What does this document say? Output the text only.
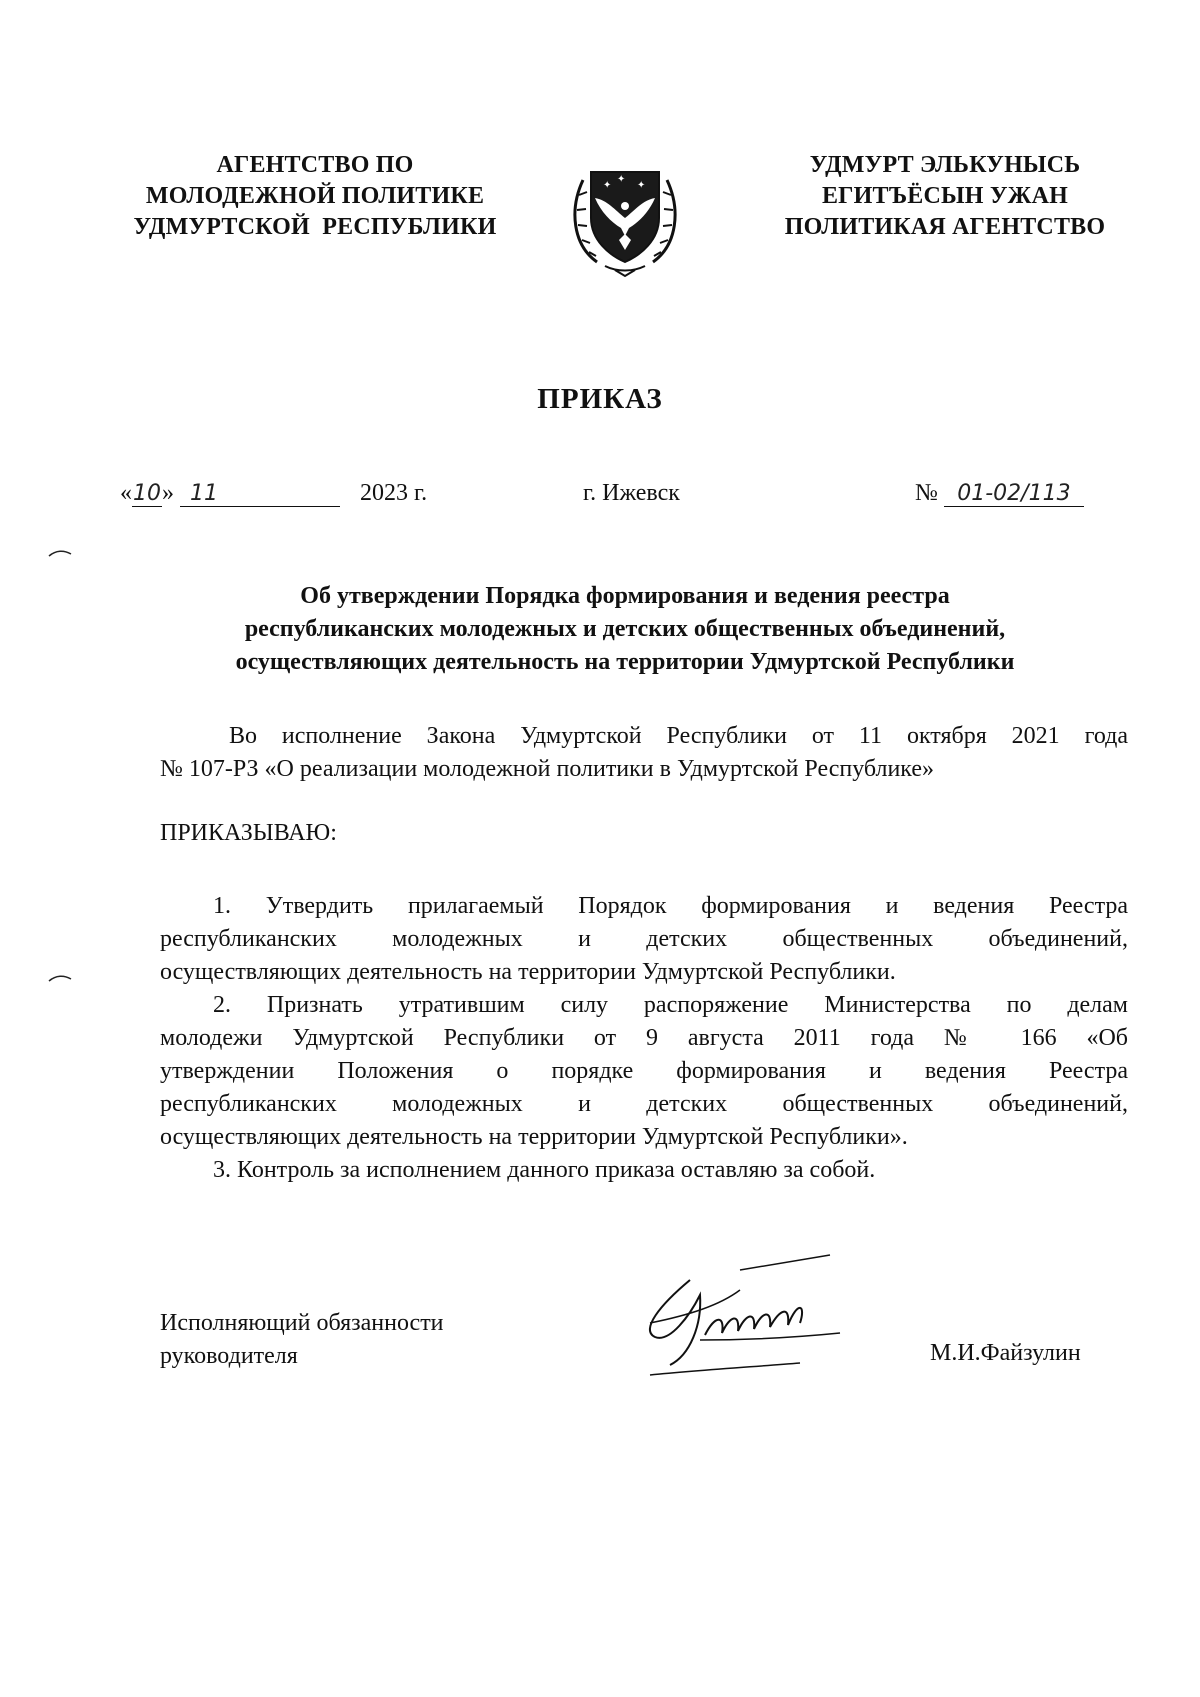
АГЕНТСТВО ПО
МОЛОДЕЖНОЙ ПОЛИТИКЕ
УДМУРТСКОЙ  РЕСПУБЛИКИ
✦
✦
✦
УДМУРТ ЭЛЬКУНЫСЬ
ЕГИТЪЁСЫН УЖАН
ПОЛИТИКАЯ АГЕНТСТВО
ПРИКАЗ
«10» 11	2023 г.	г. Ижевск	№ 01-02/113
Об утверждении Порядка формирования и ведения реестра
республиканских молодежных и детских общественных объединений,
осуществляющих деятельность на территории Удмуртской Республики
Во исполнение Закона Удмуртской Республики от 11 октября 2021 года
№ 107-РЗ «О реализации молодежной политики в Удмуртской Республике»
ПРИКАЗЫВАЮ:
1. Утвердить прилагаемый Порядок формирования и ведения Реестра
республиканских молодежных и детских общественных объединений,
осуществляющих деятельность на территории Удмуртской Республики.
2. Признать утратившим силу распоряжение Министерства по делам
молодежи Удмуртской Республики от 9 августа 2011 года № 166 «Об
утверждении Положения о порядке формирования и ведения Реестра
республиканских молодежных и детских общественных объединений,
осуществляющих деятельность на территории Удмуртской Республики».
3. Контроль за исполнением данного приказа оставляю за собой.
Исполняющий обязанности
руководителя	М.И.Файзулин
